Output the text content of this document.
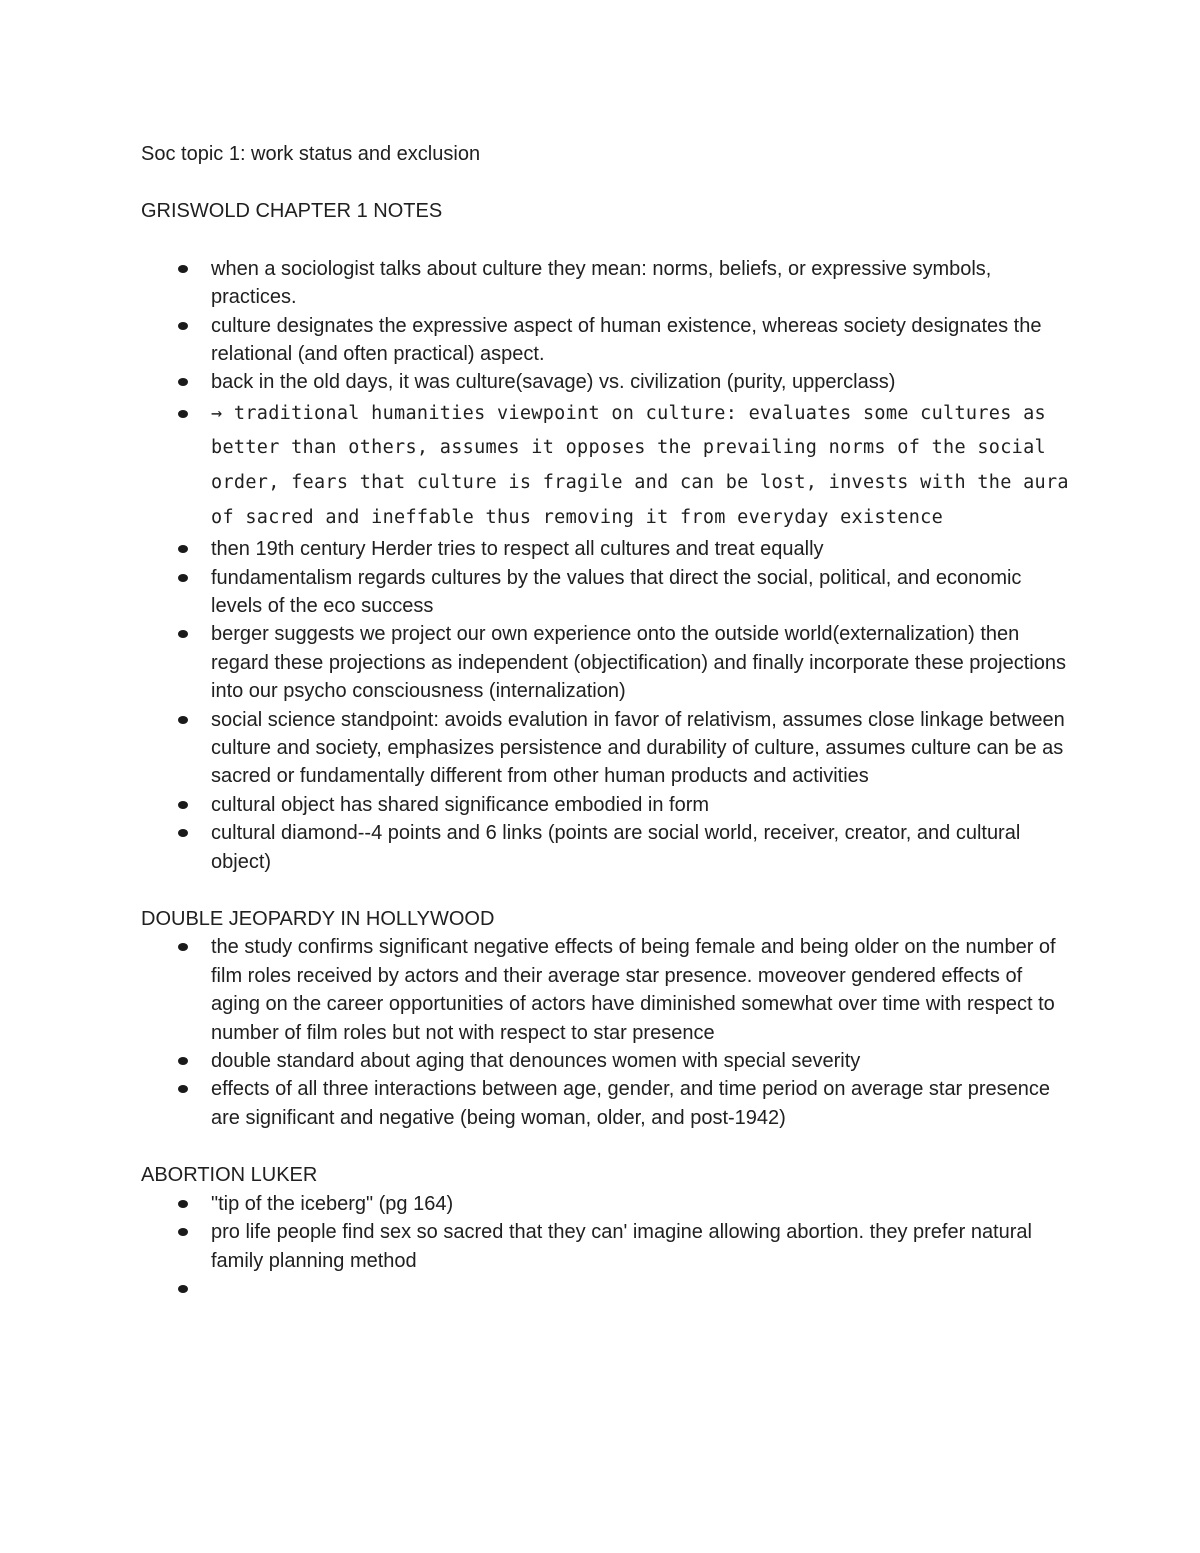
Soc topic 1: work status and exclusion
GRISWOLD CHAPTER 1 NOTES
when a sociologist talks about culture they mean: norms, beliefs, or expressive symbols, practices.
culture designates the expressive aspect of human existence, whereas society designates the relational (and often practical) aspect.
back in the old days, it was culture(savage) vs. civilization (purity, upperclass)
→ traditional humanities viewpoint on culture: evaluates some cultures as better than others, assumes it opposes the prevailing norms of the social order, fears that culture is fragile and can be lost, invests with the aura of sacred and ineffable thus removing it from everyday existence
then 19th century Herder tries to respect all cultures and treat equally
fundamentalism regards cultures by the values that direct the social, political, and economic levels of the eco success
berger suggests we project our own experience onto the outside world(externalization) then regard these projections as independent (objectification) and finally incorporate these projections into our psycho consciousness (internalization)
social science standpoint: avoids evalution in favor of relativism, assumes close linkage between culture and society, emphasizes persistence and durability of culture, assumes culture can be as sacred or fundamentally different from other human products and activities
cultural object has shared significance embodied in form
cultural diamond--4 points and 6 links (points are social world, receiver, creator, and cultural object)
DOUBLE JEOPARDY IN HOLLYWOOD
the study confirms significant negative effects of being female and being older on the number of film roles received by actors and their average star presence. moveover gendered effects of aging on the career opportunities of actors have diminished somewhat over time with respect to number of film roles but not with respect to star presence
double standard about aging that denounces women with special severity
effects of all three interactions between age, gender, and time period on average star presence are significant and negative (being woman, older, and post-1942)
ABORTION LUKER
"tip of the iceberg" (pg 164)
pro life people find sex so sacred that they can' imagine allowing abortion. they prefer natural family planning method
